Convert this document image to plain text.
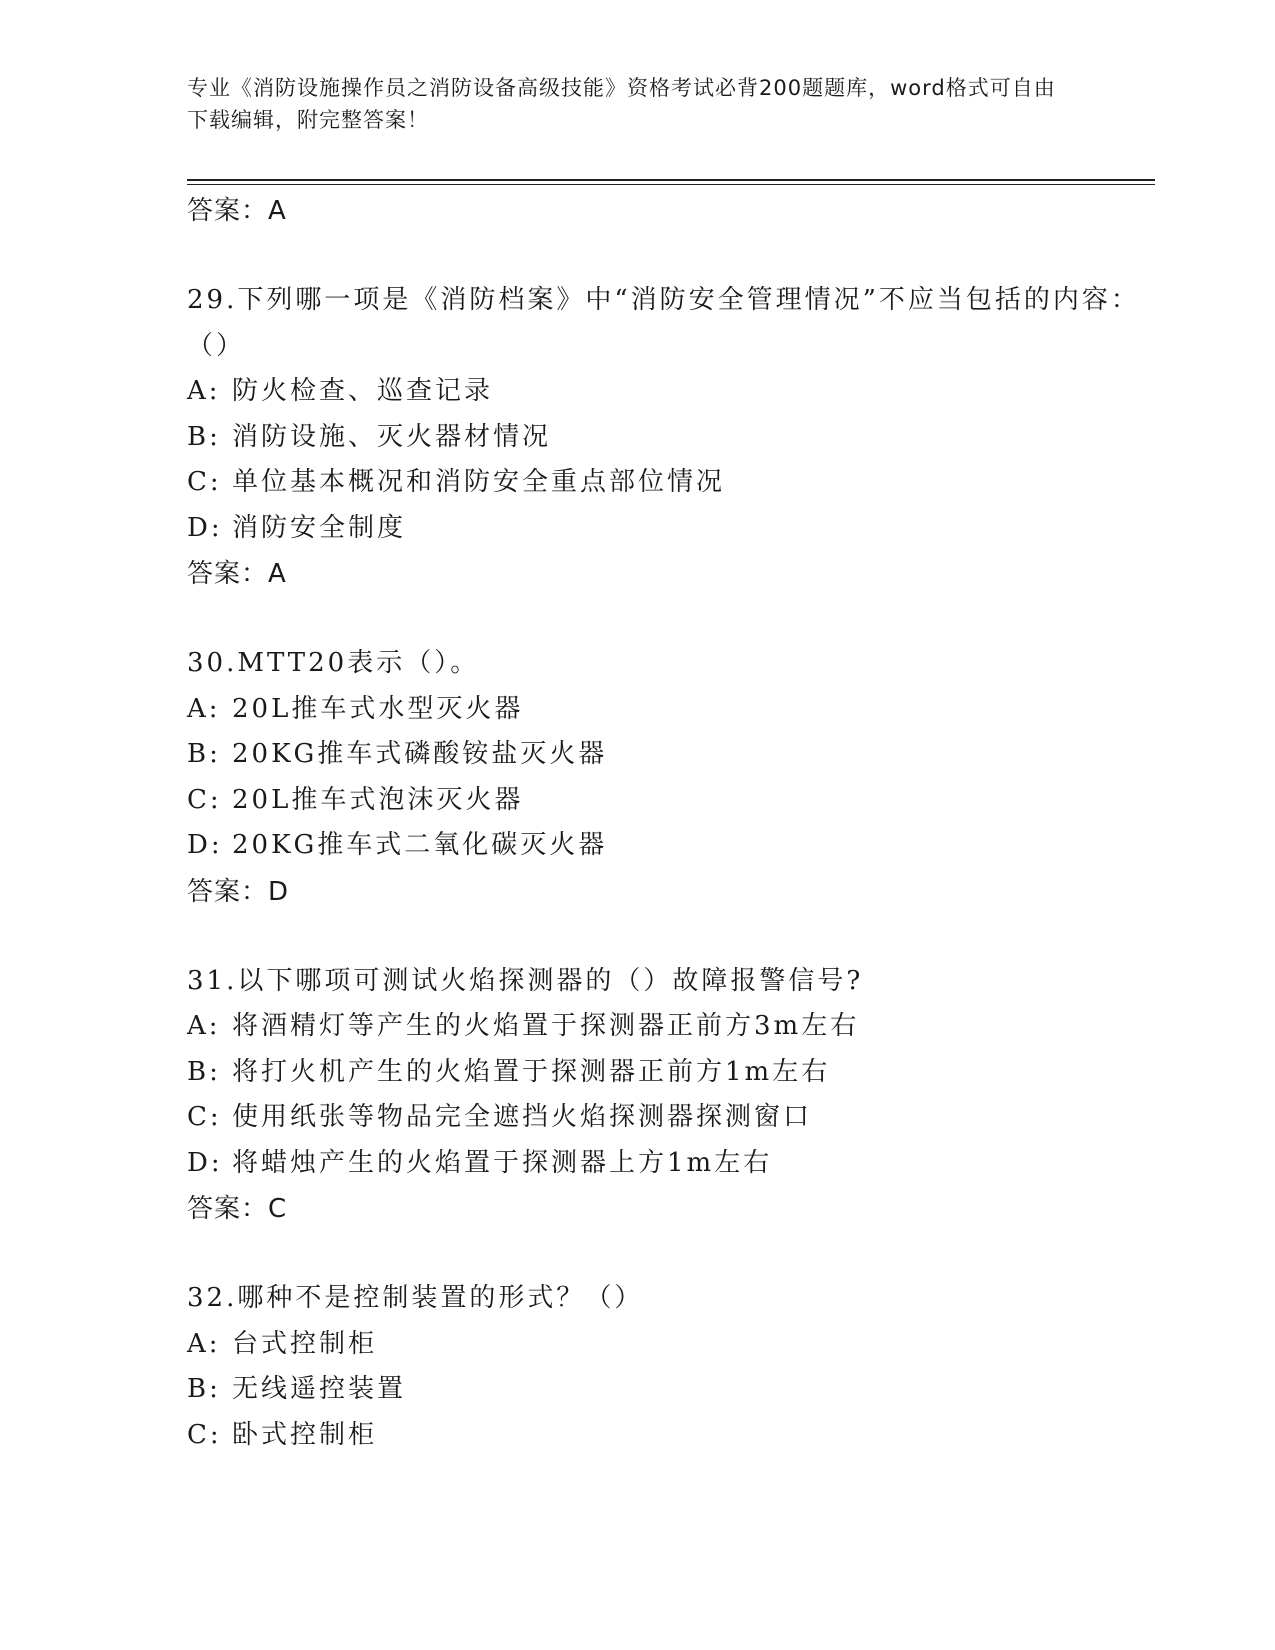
专业《消防设施操作员之消防设备高级技能》资格考试必背200题题库，word格式可自由下载编辑，附完整答案！
答案：A

29.下列哪一项是《消防档案》中“消防安全管理情况”不应当包括的内容：（）

A: 防火检查、巡查记录
B: 消防设施、灭火器材情况
C: 单位基本概况和消防安全重点部位情况
D: 消防安全制度
答案：A

30.MTT20表示（）。

A: 20L推车式水型灭火器
B: 20KG推车式磷酸铵盐灭火器
C: 20L推车式泡沫灭火器
D: 20KG推车式二氧化碳灭火器
答案：D

31.以下哪项可测试火焰探测器的（）故障报警信号?

A: 将酒精灯等产生的火焰置于探测器正前方3m左右
B: 将打火机产生的火焰置于探测器正前方1m左右
C: 使用纸张等物品完全遮挡火焰探测器探测窗口
D: 将蜡烛产生的火焰置于探测器上方1m左右
答案：C

32.哪种不是控制装置的形式？（）

A: 台式控制柜
B: 无线遥控装置
C: 卧式控制柜
